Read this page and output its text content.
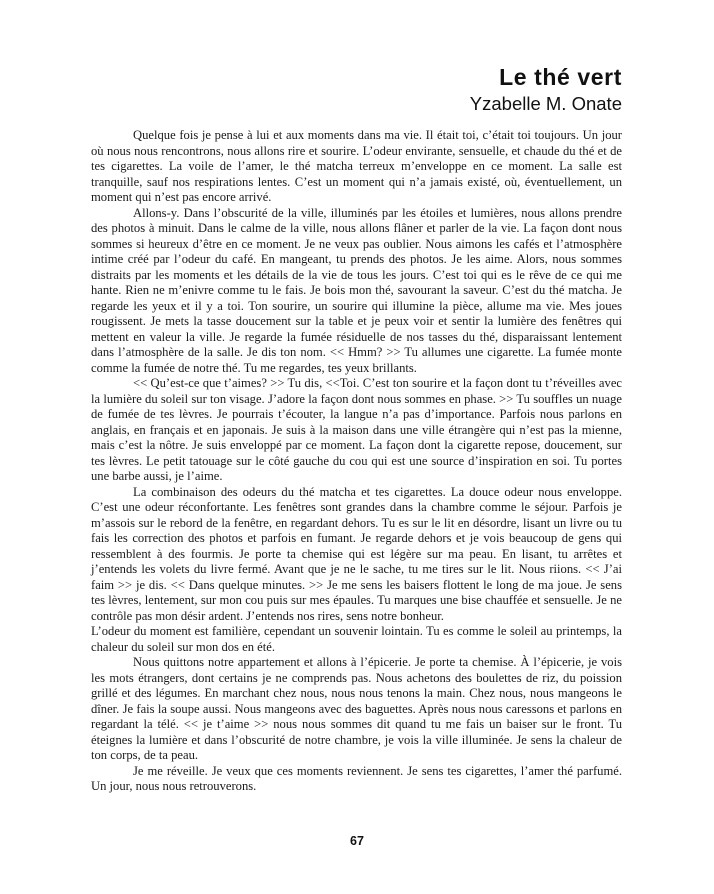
Le thé vert
Yzabelle M. Onate

Quelque fois je pense à lui et aux moments dans ma vie. Il était toi, c’était toi toujours. Un jour où nous nous rencontrons, nous allons rire et sourire. L’odeur envirante, sensuelle, et chaude du thé et de tes cigarettes. La voile de l’amer, le thé matcha terreux m’enveloppe en ce moment. La salle est tranquille, sauf nos respirations lentes. C’est un moment qui n’a jamais existé, où, éventuellement, un moment qui n’est pas encore arrivé.

Allons-y. Dans l’obscurité de la ville, illuminés par les étoiles et lumières, nous allons prendre des photos à minuit. Dans le calme de la ville, nous allons flâner et parler de la vie. La façon dont nous sommes si heureux d’être en ce moment. Je ne veux pas oublier. Nous aimons les cafés et l’atmosphère intime créé par l’odeur du café. En mangeant, tu prends des photos. Je les aime. Alors, nous sommes distraits par les moments et les détails de la vie de tous les jours. C’est toi qui es le rêve de ce qui me hante. Rien ne m’enivre comme tu le fais. Je bois mon thé, savourant la saveur. C’est du thé matcha. Je regarde les yeux et il y a toi. Ton sourire, un sourire qui illumine la pièce, allume ma vie. Mes joues rougissent. Je mets la tasse doucement sur la table et je peux voir et sentir la lumière des fenêtres qui mettent en valeur la ville. Je regarde la fumée résiduelle de nos tasses du thé, disparaissant lentement dans l’atmosphère de la salle. Je dis ton nom. << Hmm? >> Tu allumes une cigarette. La fumée monte comme la fumée de notre thé. Tu me regardes, tes yeux brillants.

<< Qu’est-ce que t’aimes? >> Tu dis, <<Toi. C’est ton sourire et la façon dont tu t’réveilles avec la lumière du soleil sur ton visage. J’adore la façon dont nous sommes en phase. >> Tu souffles un nuage de fumée de tes lèvres. Je pourrais t’écouter, la langue n’a pas d’importance. Parfois nous parlons en anglais, en français et en japonais. Je suis à la maison dans une ville étrangère qui n’est pas la mienne, mais c’est la nôtre. Je suis enveloppé par ce moment. La façon dont la cigarette repose, doucement, sur tes lèvres. Le petit tatouage sur le côté gauche du cou qui est une source d’inspiration en soi. Tu portes une barbe aussi, je l’aime.

La combinaison des odeurs du thé matcha et tes cigarettes. La douce odeur nous enveloppe. C’est une odeur réconfortante. Les fenêtres sont grandes dans la chambre comme le séjour. Parfois je m’assois sur le rebord de la fenêtre, en regardant dehors. Tu es sur le lit en désordre, lisant un livre ou tu fais les correction des photos et parfois en fumant. Je regarde dehors et je vois beaucoup de gens qui ressemblent à des fourmis. Je porte ta chemise qui est légère sur ma peau. En lisant, tu arrêtes et j’entends les volets du livre fermé. Avant que je ne le sache, tu me tires sur le lit. Nous riions. << J’ai faim >> je dis. << Dans quelque minutes. >> Je me sens les baisers flottent le long de ma joue. Je sens tes lèvres, lentement, sur mon cou puis sur mes épaules. Tu marques une bise chauffée et sensuelle. Je ne contrôle pas mon désir ardent. J’entends nos rires, sens notre bonheur.

L’odeur du moment est familière, cependant un souvenir lointain. Tu es comme le soleil au printemps, la chaleur du soleil sur mon dos en été.

Nous quittons notre appartement et allons à l’épicerie. Je porte ta chemise. À l’épicerie, je vois les mots étrangers, dont certains je ne comprends pas. Nous achetons des boulettes de riz, du poission grillé et des légumes. En marchant chez nous, nous nous tenons la main. Chez nous, nous mangeons le dîner. Je fais la soupe aussi. Nous mangeons avec des baguettes. Après nous nous caressons et parlons en regardant la télé. << je t’aime >> nous nous sommes dit quand tu me fais un baiser sur le front. Tu éteignes la lumière et dans l’obscurité de notre chambre, je vois la ville illuminée. Je sens la chaleur de ton corps, de ta peau.

Je me réveille. Je veux que ces moments reviennent. Je sens tes cigarettes, l’amer thé parfumé. Un jour, nous nous retrouverons.

67
